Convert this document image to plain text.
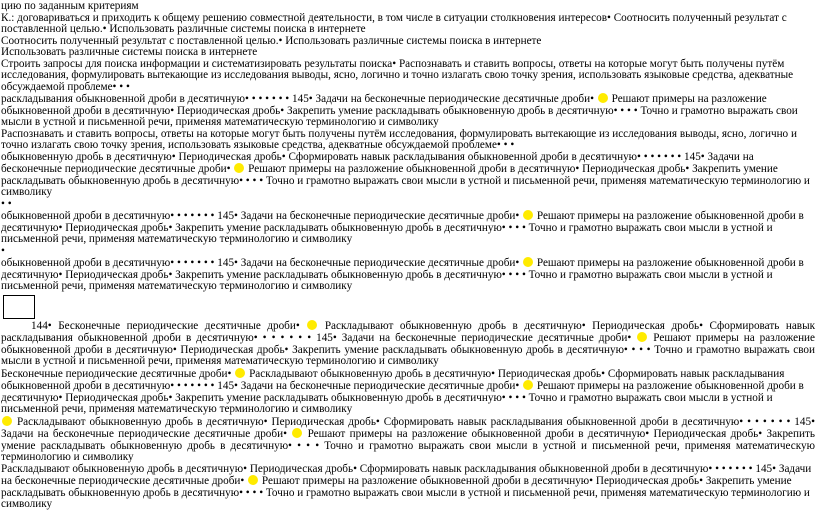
цию по заданным критериям

К.: договариваться и приходить к общему решению совместной деятельности, в том числе в ситуации столкновения интересов• Соотносить полученный результат с поставленной целью.• Использовать различные системы поиска в интернете

Соотносить полученный результат с поставленной целью.• Использовать различные системы поиска в интернете

Использовать различные системы поиска в интернете

Строить запросы для поиска информации и систематизировать результаты поиска• Распознавать и ставить вопросы, ответы на которые могут быть получены путём исследования, формулировать вытекающие из исследования выводы, ясно, логично и точно излагать свою точку зрения, использовать языковые средства, адекватные обсуждаемой проблеме• • •

раскладывания обыкновенной дроби в десятичную• • • • • • • 145• Задачи на бесконечные периодические десятичные дроби• Решают примеры на разложение обыкновенной дроби в десятичную• Периодическая дробь• Закрепить умение раскладывать обыкновенную дробь в десятичную• • • • Точно и грамотно выражать свои мысли в устной и письменной речи, применяя математическую терминологию и символику

Распознавать и ставить вопросы, ответы на которые могут быть получены путём исследования, формулировать вытекающие из исследования выводы, ясно, логично и точно излагать свою точку зрения, использовать языковые средства, адекватные обсуждаемой проблеме• • •

обыкновенную дробь в десятичную• Периодическая дробь• Сформировать навык раскладывания обыкновенной дроби в десятичную• • • • • • • 145• Задачи на бесконечные периодические десятичные дроби• Решают примеры на разложение обыкновенной дроби в десятичную• Периодическая дробь• Закрепить умение раскладывать обыкновенную дробь в десятичную• • • • Точно и грамотно выражать свои мысли в устной и письменной речи, применяя математическую терминологию и символику

• •

обыкновенной дроби в десятичную• • • • • • • 145• Задачи на бесконечные периодические десятичные дроби• Решают примеры на разложение обыкновенной дроби в десятичную• Периодическая дробь• Закрепить умение раскладывать обыкновенную дробь в десятичную• • • • Точно и грамотно выражать свои мысли в устной и письменной речи, применяя математическую терминологию и символику

•

обыкновенной дроби в десятичную• • • • • • • 145• Задачи на бесконечные периодические десятичные дроби• Решают примеры на разложение обыкновенной дроби в десятичную• Периодическая дробь• Закрепить умение раскладывать обыкновенную дробь в десятичную• • • • Точно и грамотно выражать свои мысли в устной и письменной речи, применяя математическую терминологию и символику

144• Бесконечные периодические десятичные дроби• Раскладывают обыкновенную дробь в десятичную• Периодическая дробь• Сформировать навык раскладывания обыкновенной дроби в десятичную• • • • • • • 145• Задачи на бесконечные периодические десятичные дроби• Решают примеры на разложение обыкновенной дроби в десятичную• Периодическая дробь• Закрепить умение раскладывать обыкновенную дробь в десятичную• • • • Точно и грамотно выражать свои мысли в устной и письменной речи, применяя математическую терминологию и символику

Бесконечные периодические десятичные дроби• Раскладывают обыкновенную дробь в десятичную• Периодическая дробь• Сформировать навык раскладывания обыкновенной дроби в десятичную• • • • • • • 145• Задачи на бесконечные периодические десятичные дроби• Решают примеры на разложение обыкновенной дроби в десятичную• Периодическая дробь• Закрепить умение раскладывать обыкновенную дробь в десятичную• • • • Точно и грамотно выражать свои мысли в устной и письменной речи, применяя математическую терминологию и символику

Раскладывают обыкновенную дробь в десятичную• Периодическая дробь• Сформировать навык раскладывания обыкновенной дроби в десятичную• • • • • • • 145• Задачи на бесконечные периодические десятичные дроби• Решают примеры на разложение обыкновенной дроби в десятичную• Периодическая дробь• Закрепить умение раскладывать обыкновенную дробь в десятичную• • • • Точно и грамотно выражать свои мысли в устной и письменной речи, применяя математическую терминологию и символику

Раскладывают обыкновенную дробь в десятичную• Периодическая дробь• Сформировать навык раскладывания обыкновенной дроби в десятичную• • • • • • • 145• Задачи на бесконечные периодические десятичные дроби• Решают примеры на разложение обыкновенной дроби в десятичную• Периодическая дробь• Закрепить умение раскладывать обыкновенную дробь в десятичную• • • • Точно и грамотно выражать свои мысли в устной и письменной речи, применяя математическую терминологию и символику
